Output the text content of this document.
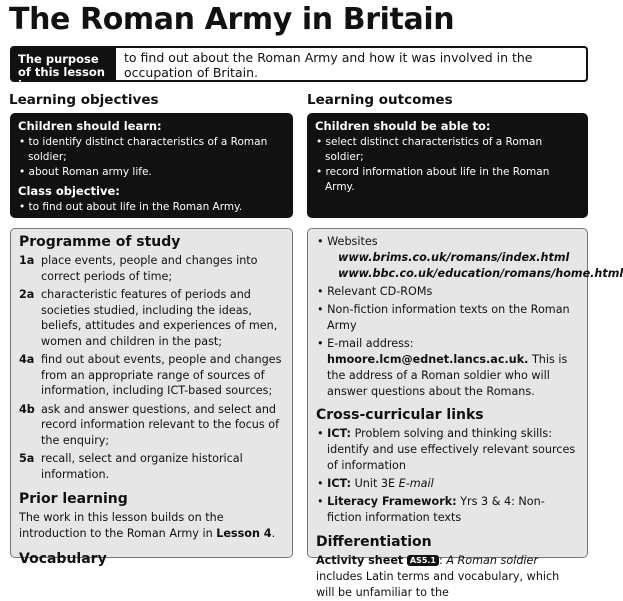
The Roman Army in Britain
The purpose of this lesson is:
to find out about the Roman Army and how it was involved in the occupation of Britain.
Learning objectives	Learning outcomes

Children should learn:

• to identify distinct characteristics of a Roman soldier;
• about Roman army life.

Class objective:

• to find out about life in the Roman Army.

Children should be able to:

• select distinct characteristics of a Roman soldier;
• record information about life in the Roman Army.
Programme of study
1a place events, people and changes into correct periods of time;
2a characteristic features of periods and societies studied, including the ideas, beliefs, attitudes and experiences of men, women and children in the past;
4a find out about events, people and changes from an appropriate range of sources of information, including ICT-based sources;
4b ask and answer questions, and select and record information relevant to the focus of the enquiry;
5a recall, select and organize historical information.
Prior learning
The work in this lesson builds on the introduction to the Roman Army in Lesson 4.
Vocabulary
• Websites
www.brims.co.uk/romans/index.html
www.bbc.co.uk/education/romans/home.html
• Relevant CD-ROMs
• Non-fiction information texts on the Roman Army
• E-mail address: hmoore.lcm@ednet.lancs.ac.uk. This is the address of a Roman soldier who will answer questions about the Romans.
Cross-curricular links
• ICT: Problem solving and thinking skills: identify and use effectively relevant sources of information
• ICT: Unit 3E E-mail
• Literacy Framework: Yrs 3 & 4: Non-fiction information texts
Differentiation
Activity sheet AS5.1 : A Roman soldier includes Latin terms and vocabulary, which will be unfamiliar to the
